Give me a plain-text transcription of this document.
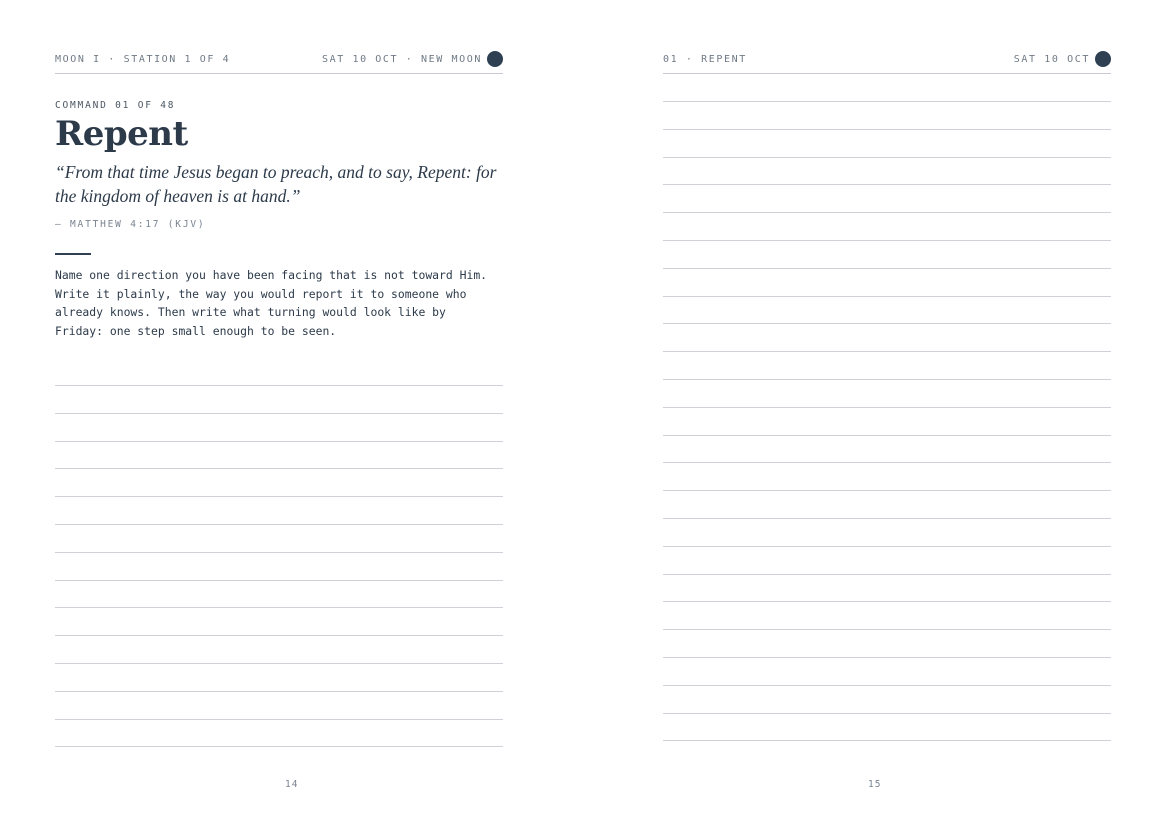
MOON I · STATION 1 OF 4	SAT 10 OCT · NEW MOON
COMMAND 01 OF 48
Repent

“From that time Jesus began to preach, and to say, Repent: for the kingdom of heaven is at hand.”

— MATTHEW 4:17 (KJV)

Name one direction you have been facing that is not toward Him.
Write it plainly, the way you would report it to someone who
already knows. Then write what turning would look like by
Friday: one step small enough to be seen.

14
01 · REPENT	SAT 10 OCT
15
